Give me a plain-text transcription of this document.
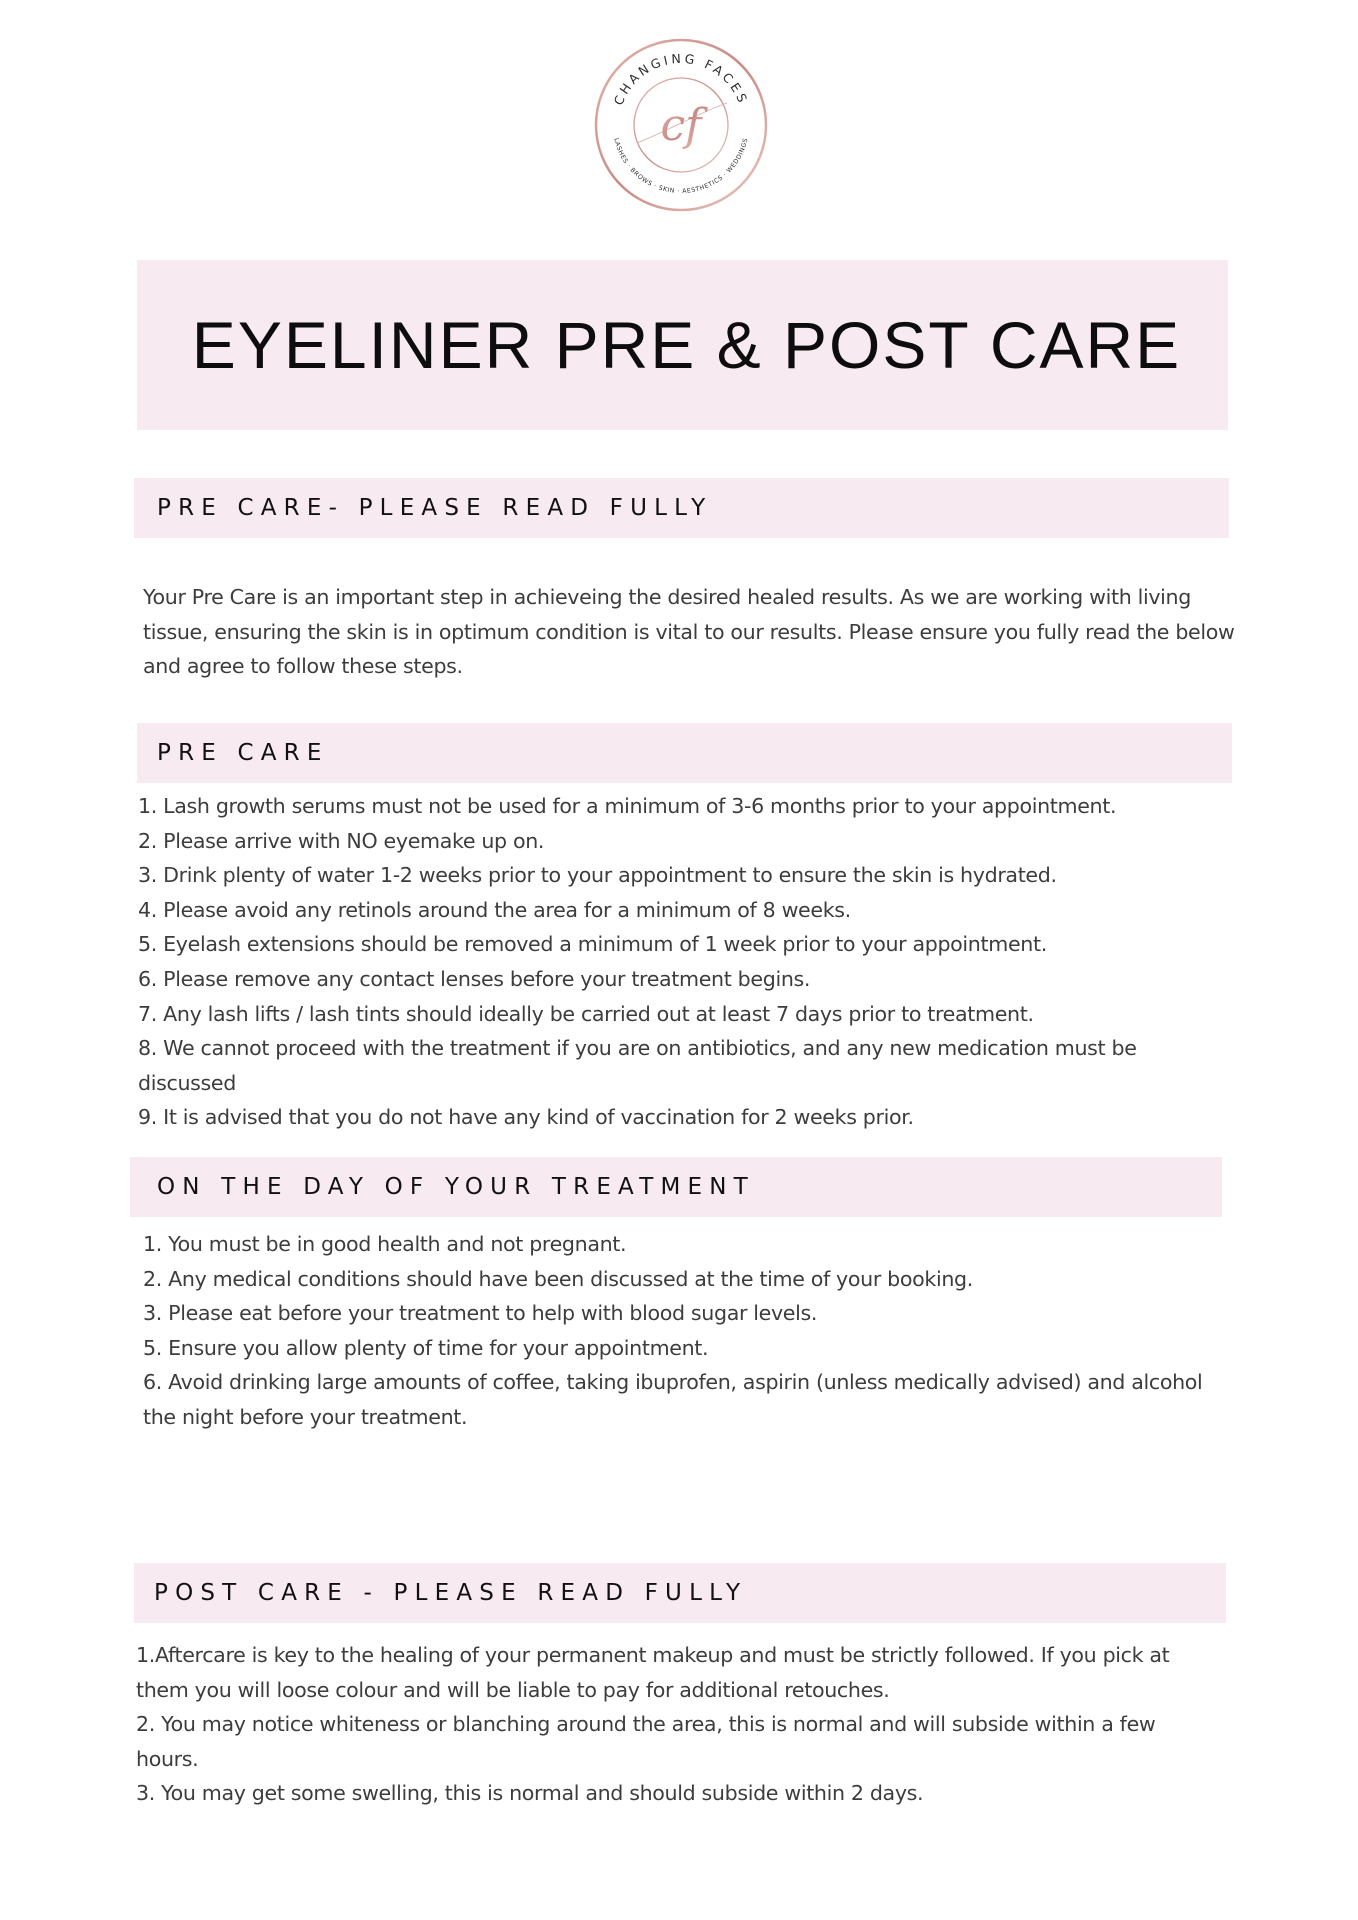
CHANGING FACES
LASHES · BROWS · SKIN · AESTHETICS · WEDDINGS
cf
EYELINER PRE & POST CARE
PRE CARE- PLEASE READ FULLY
Your Pre Care is an important step in achieveing the desired healed results. As we are working with living tissue, ensuring the skin is in optimum condition is vital to our results. Please ensure you fully read the below and agree to follow these steps.
PRE CARE
1. Lash growth serums must not be used for a minimum of 3-6 months prior to your appointment.
2. Please arrive with NO eyemake up on.
3. Drink plenty of water 1-2 weeks prior to your appointment to ensure the skin is hydrated.
4. Please avoid any retinols around the area for a minimum of 8 weeks.
5. Eyelash extensions should be removed a minimum of 1 week prior to your appointment.
6. Please remove any contact lenses before your treatment begins.
7. Any lash lifts / lash tints should ideally be carried out at least 7 days prior to treatment.
8. We cannot proceed with the treatment if you are on antibiotics, and any new medication must be
discussed
9. It is advised that you do not have any kind of vaccination for 2 weeks prior.
ON THE DAY OF YOUR TREATMENT
1. You must be in good health and not pregnant.
2. Any medical conditions should have been discussed at the time of your booking.
3. Please eat before your treatment to help with blood sugar levels.
5. Ensure you allow plenty of time for your appointment.
6. Avoid drinking large amounts of coffee, taking ibuprofen, aspirin (unless medically advised) and alcohol
the night before your treatment.
POST CARE - PLEASE READ FULLY
1.Aftercare is key to the healing of your permanent makeup and must be strictly followed. If you pick at
them you will loose colour and will be liable to pay for additional retouches.
2. You may notice whiteness or blanching around the area, this is normal and will subside within a few
hours.
3. You may get some swelling, this is normal and should subside within 2 days.
